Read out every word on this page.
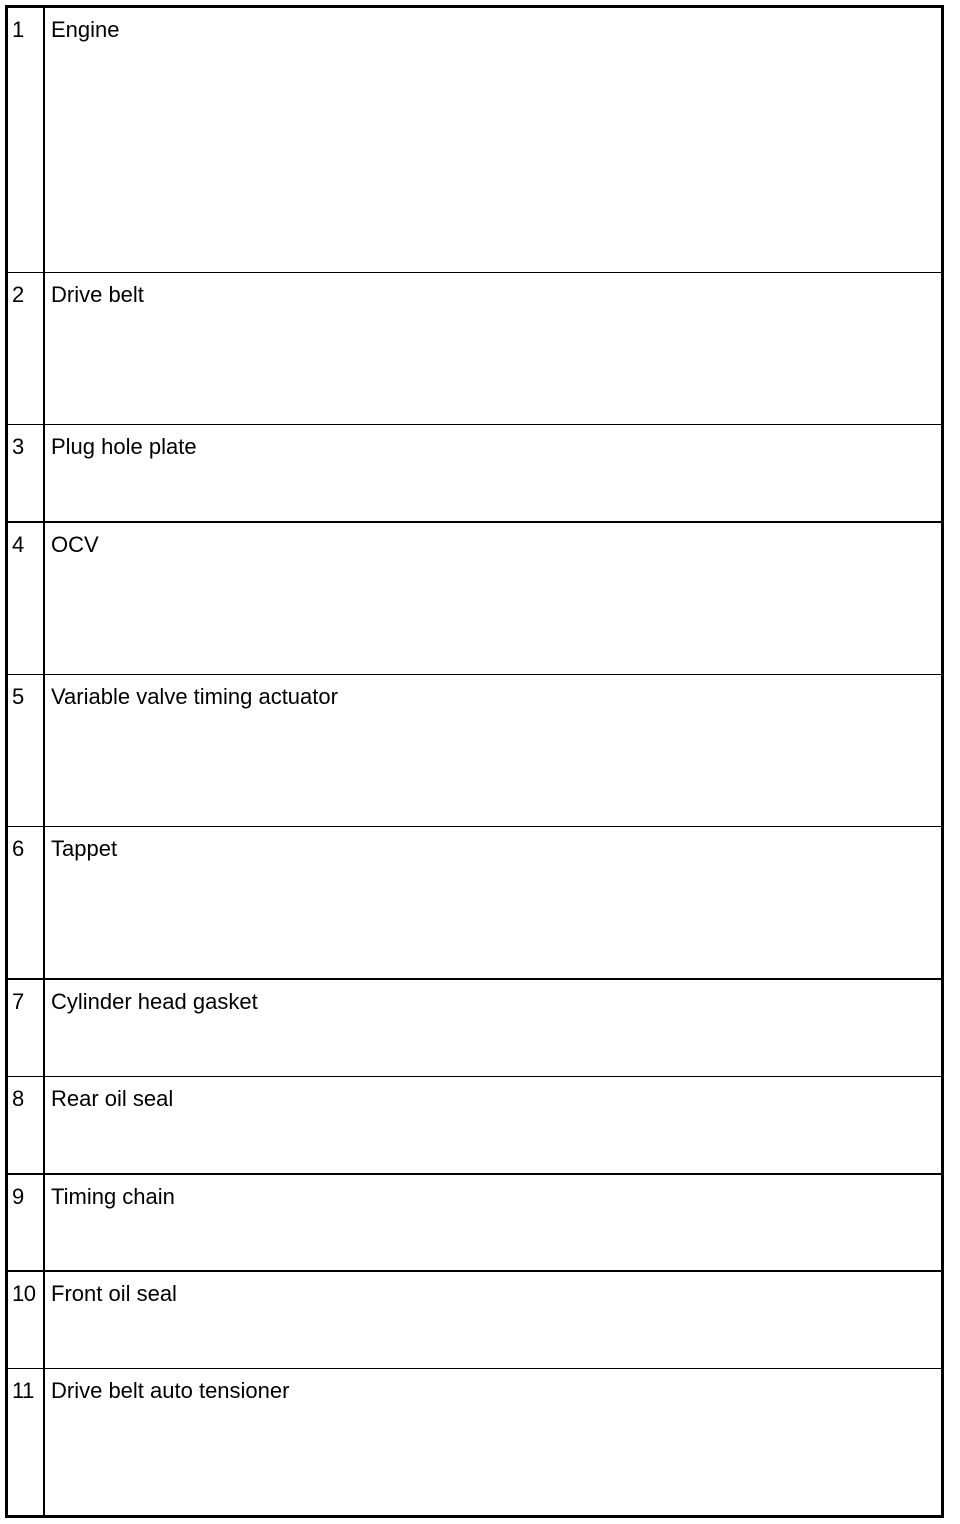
1	Engine
2	Drive belt
3	Plug hole plate
4	OCV
5	Variable valve timing actuator
6	Tappet
7	Cylinder head gasket
8	Rear oil seal
9	Timing chain
10 Front oil seal
11 Drive belt auto tensioner
